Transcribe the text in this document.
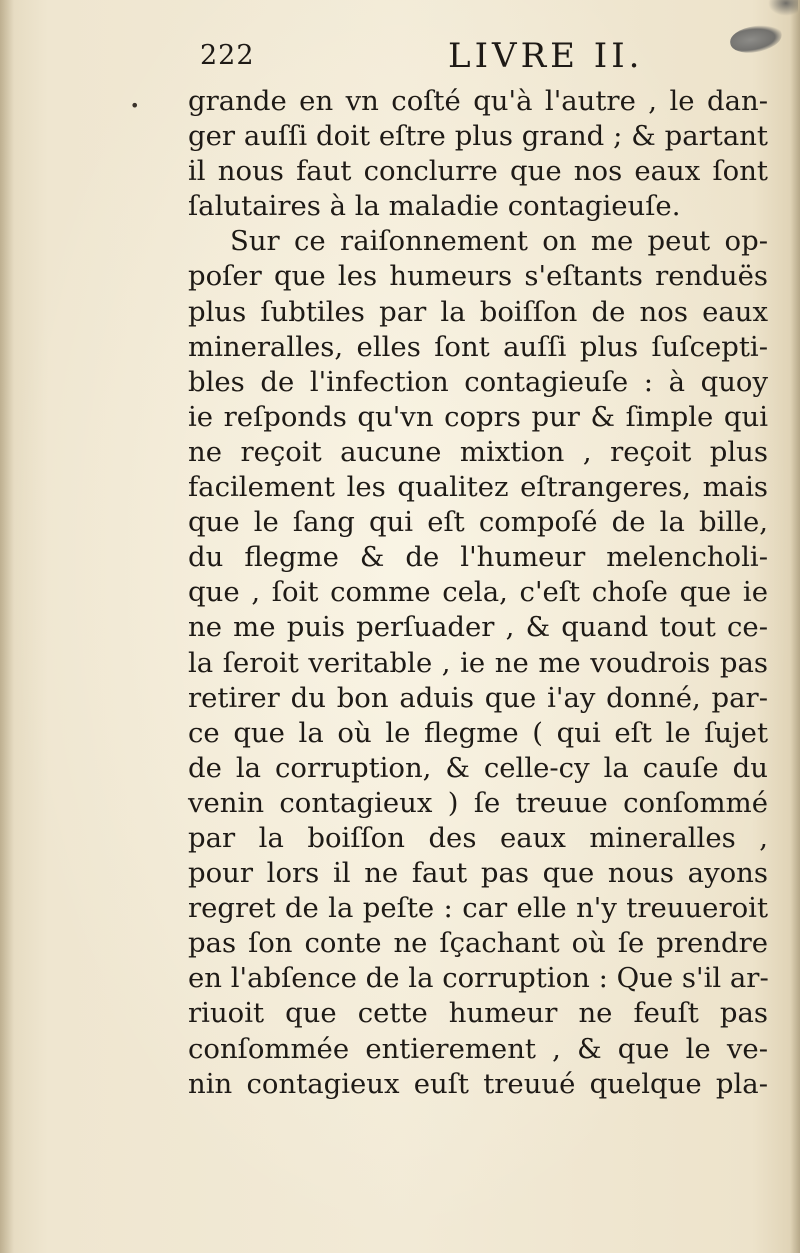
222	LIVRE II.
• grande en vn coſté qu'à l'autre , le dan-
ger auſſi doit eſtre plus grand ; & partant
il nous faut conclurre que nos eaux ſont
ſalutaires à la maladie contagieuſe.
Sur ce raiſonnement on me peut op-
poſer que les humeurs s'eſtants renduës
plus ſubtiles par la boiſſon de nos eaux
mineralles, elles ſont auſſi plus ſuſcepti-
bles de l'infection contagieuſe : à quoy
ie reſponds qu'vn coprs pur & ſimple qui
ne reçoit aucune mixtion , reçoit plus
facilement les qualitez eſtrangeres, mais
que le ſang qui eſt compoſé de la bille,
du flegme & de l'humeur melencholi-
que , ſoit comme cela, c'eſt choſe que ie
ne me puis perſuader , & quand tout ce-
la ſeroit veritable , ie ne me voudrois pas
retirer du bon aduis que i'ay donné, par-
ce que la où le flegme ( qui eſt le ſujet
de la corruption, & celle-cy la cauſe du
venin contagieux ) ſe treuue conſommé
par la boiſſon des eaux mineralles ,
pour lors il ne faut pas que nous ayons
regret de la peſte : car elle n'y treuueroit
pas ſon conte ne ſçachant où ſe prendre
en l'abſence de la corruption : Que s'il ar-
riuoit que cette humeur ne feuſt pas
conſommée entierement , & que le ve-
nin contagieux euſt treuué quelque pla-
